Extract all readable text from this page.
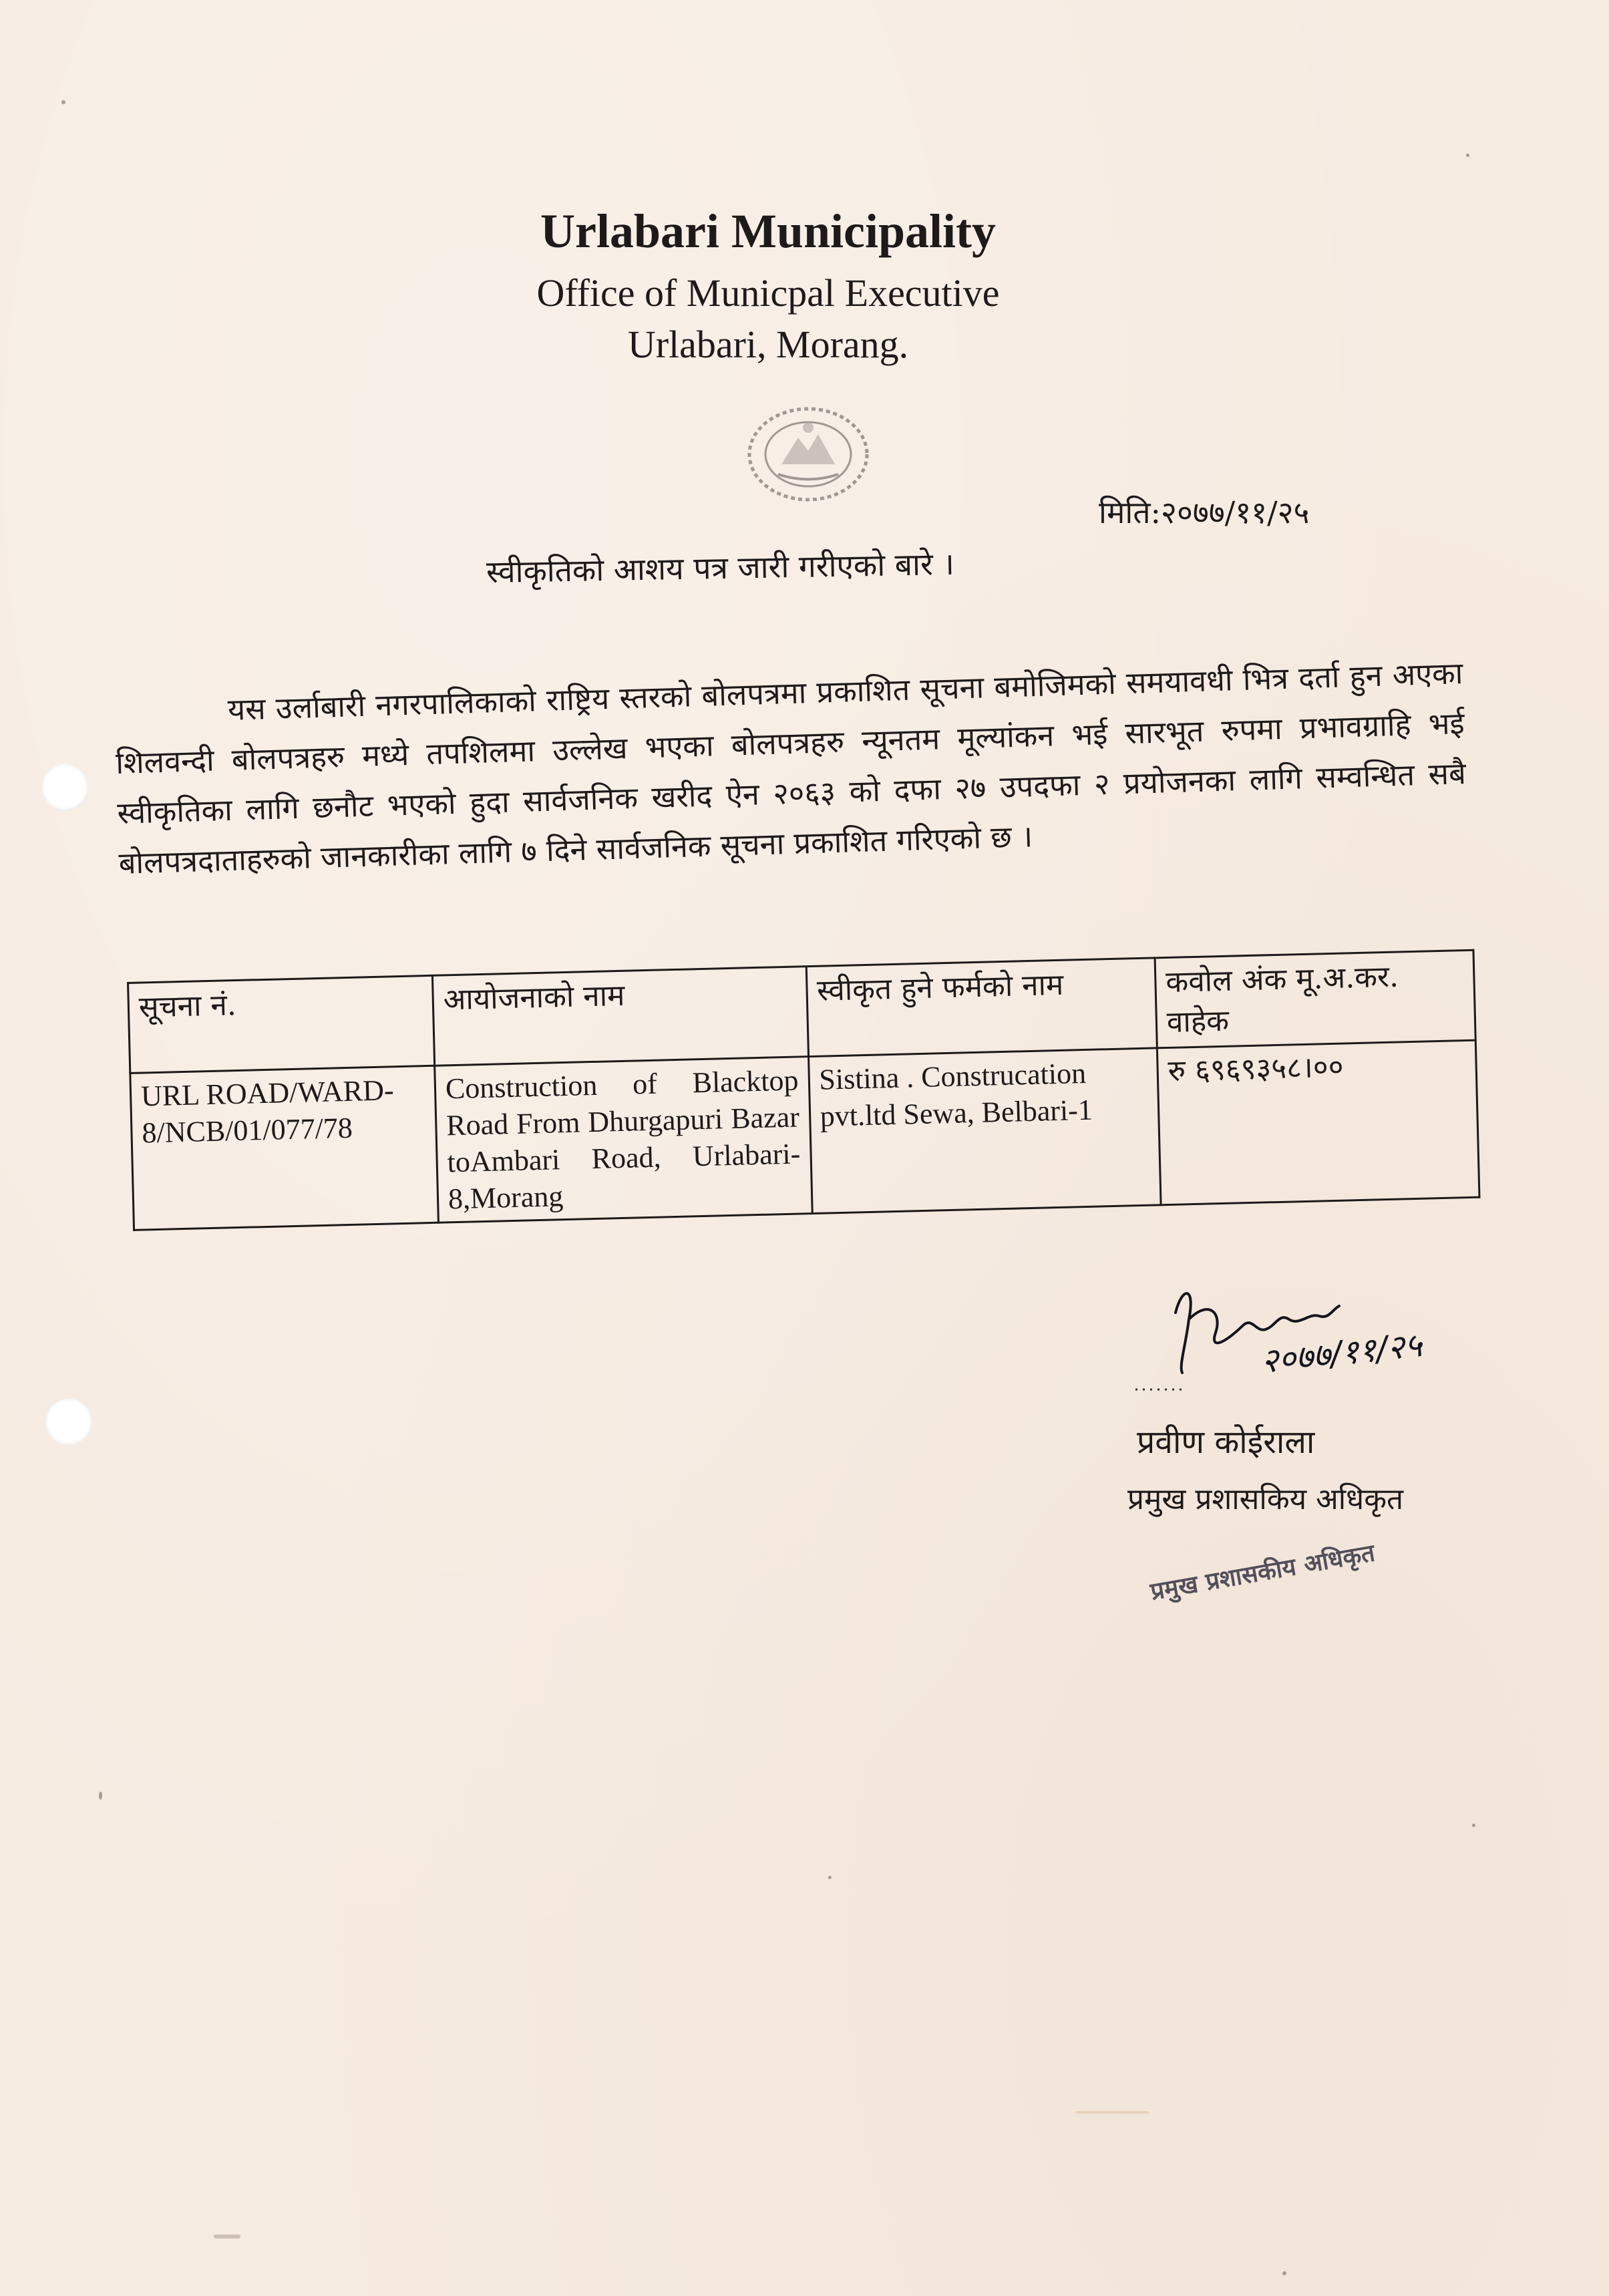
Urlabari Municipality
Office of Municpal Executive
Urlabari, Morang.
मिति:२०७७/११/२५
स्वीकृतिको आशय पत्र जारी गरीएको बारे ।
यस उर्लाबारी नगरपालिकाको राष्ट्रिय स्तरको बोलपत्रमा प्रकाशित सूचना बमोजिमको समयावधी भित्र दर्ता हुन अएका शिलवन्दी बोलपत्रहरु मध्ये तपशिलमा उल्लेख भएका बोलपत्रहरु न्यूनतम मूल्यांकन भई सारभूत रुपमा प्रभावग्राहि भई स्वीकृतिका लागि छनौट भएको हुदा सार्वजनिक खरीद ऐन २०६३ को दफा २७ उपदफा २ प्रयोजनका लागि सम्वन्धित सबै बोलपत्रदाताहरुको जानकारीका लागि ७ दिने सार्वजनिक सूचना प्रकाशित गरिएको छ ।
सूचना नं.	आयोजनाको नाम	स्वीकृत हुने फर्मको नाम	कवोल अंक मू.अ.कर. वाहेक
URL ROAD/WARD-8/NCB/01/077/78	Construction of Blacktop Road From Dhurgapuri Bazar toAmbari Road, Urlabari-8,Morang	Sistina . Construcation pvt.ltd Sewa, Belbari-1	रु ६९६९३५८।००
२०७७/११/२५
प्रवीण कोईराला
प्रमुख प्रशासकिय अधिकृत
प्रमुख प्रशासकीय अधिकृत
